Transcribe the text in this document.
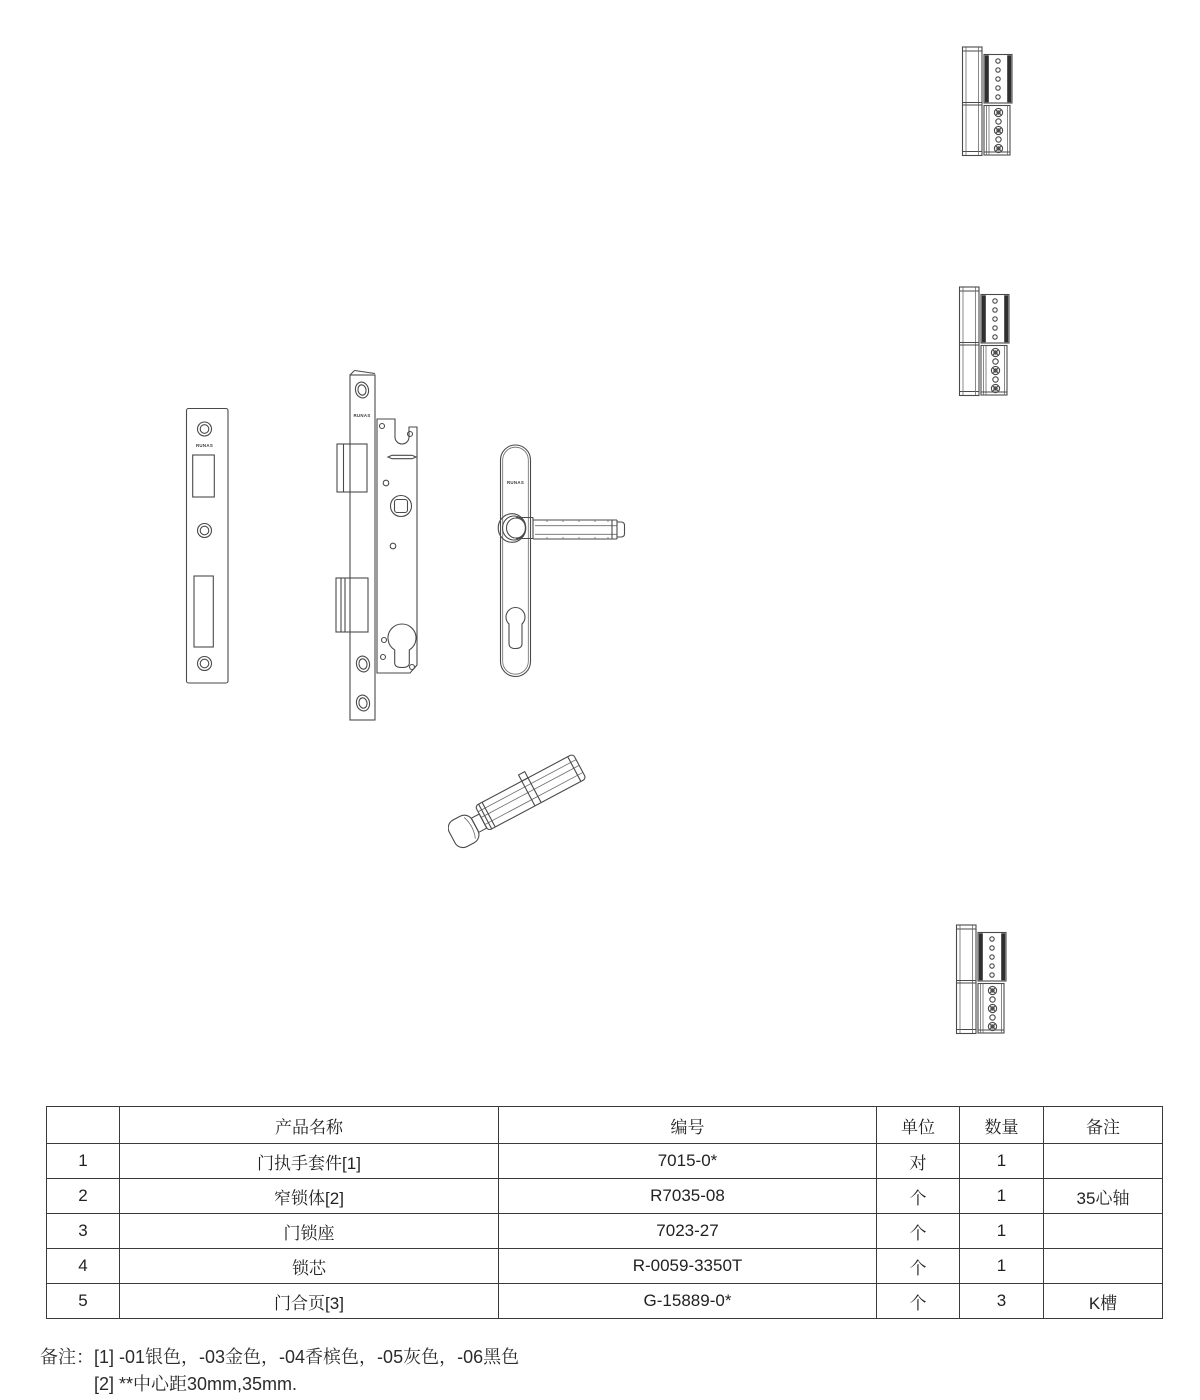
RUNAS
RUNAS
RUNAS
	产品名称	编号	单位	数量	备注
1	门执手套件[1]	7015-0*	对	1	
2	窄锁体[2]	R7035-08	个	1	35心轴
3	门锁座	7023-27	个	1	
4	锁芯	R-0059-3350T	个	1	
5	门合页[3]	G-15889-0*	个	3	K槽
备注： [1] -01银色，-03金色，-04香槟色，-05灰色，-06黑色
[2] **中心距30mm,35mm.
